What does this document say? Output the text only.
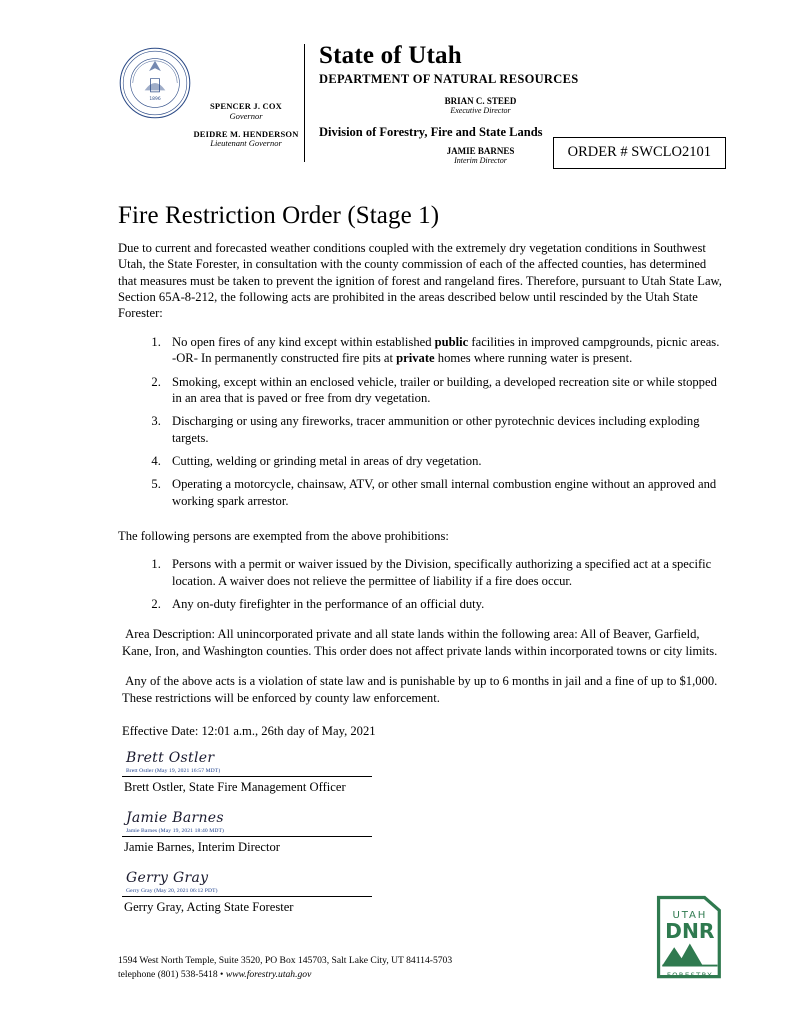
1896
SPENCER J. COX
Governor
DEIDRE M. HENDERSON
Lieutenant Governor
State of Utah
DEPARTMENT OF NATURAL RESOURCES
BRIAN C. STEED
Executive Director
Division of Forestry, Fire and State Lands
JAMIE BARNES
Interim Director	ORDER # SWCLO2101
Fire Restriction Order (Stage 1)

Due to current and forecasted weather conditions coupled with the extremely dry vegetation conditions in Southwest Utah, the State Forester, in consultation with the county commission of each of the affected counties, has determined that measures must be taken to prevent the ignition of forest and rangeland fires. Therefore, pursuant to Utah State Law, Section 65A-8-212, the following acts are prohibited in the areas described below until rescinded by the Utah State Forester:

1. No open fires of any kind except within established public facilities in improved campgrounds, picnic areas. -OR- In permanently constructed fire pits at private homes where running water is present.
2. Smoking, except within an enclosed vehicle, trailer or building, a developed recreation site or while stopped in an area that is paved or free from dry vegetation.
3. Discharging or using any fireworks, tracer ammunition or other pyrotechnic devices including exploding targets.
4. Cutting, welding or grinding metal in areas of dry vegetation.
5. Operating a motorcycle, chainsaw, ATV, or other small internal combustion engine without an approved and working spark arrestor.

The following persons are exempted from the above prohibitions:

1. Persons with a permit or waiver issued by the Division, specifically authorizing a specified act at a specific location. A waiver does not relieve the permittee of liability if a fire does occur.
2. Any on-duty firefighter in the performance of an official duty.

Area Description: All unincorporated private and all state lands within the following area: All of Beaver, Garfield, Kane, Iron, and Washington counties. This order does not affect private lands within incorporated towns or city limits.

Any of the above acts is a violation of state law and is punishable by up to 6 months in jail and a fine of up to $1,000. These restrictions will be enforced by county law enforcement.

Effective Date: 12:01 a.m., 26th day of May, 2021
Brett Ostler
Brett Ostler (May 19, 2021 16:57 MDT)
Brett Ostler, State Fire Management Officer
Jamie Barnes
Jamie Barnes (May 19, 2021 18:40 MDT)
Jamie Barnes, Interim Director
Gerry Gray
Gerry Gray (May 20, 2021 06:12 PDT)
Gerry Gray, Acting State Forester
1594 West North Temple, Suite 3520, PO Box 145703, Salt Lake City, UT 84114-5703
telephone (801) 538-5418 • www.forestry.utah.gov
UTAH
DNR
FORESTRY
